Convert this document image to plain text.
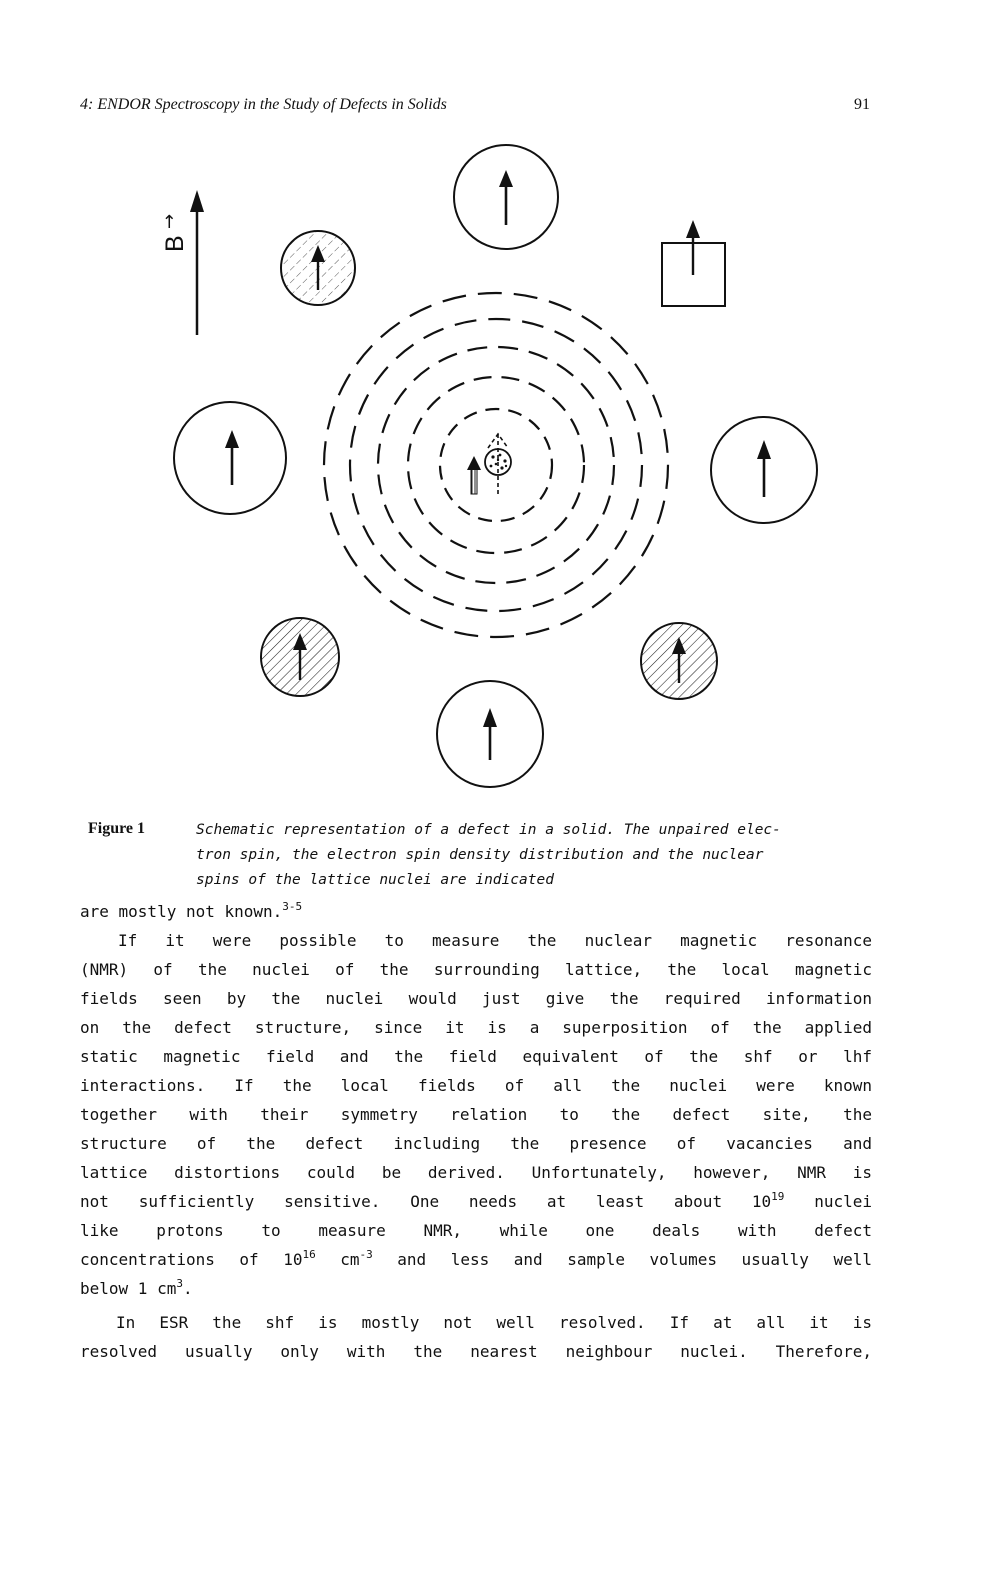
4: ENDOR Spectroscopy in the Study of Defects in Solids	91
B
→
Figure 1	Schematic representation of a defect in a solid. The unpaired elec-
tron spin, the electron spin density distribution and the nuclear
spins of the lattice nuclei are indicated
are mostly not known.$^{3-5}$
If it were possible to measure the nuclear magnetic resonance
(NMR) of the nuclei of the surrounding lattice, the local magnetic
fields seen by the nuclei would just give the required information
on the defect structure, since it is a superposition of the applied
static magnetic field and the field equivalent of the shf or lhf
interactions. If the local fields of all the nuclei were known
together with their symmetry relation to the defect site, the
structure of the defect including the presence of vacancies and
lattice distortions could be derived. Unfortunately, however, NMR is
not sufficiently sensitive. One needs at least about $10^{19}$ nuclei
like protons to measure NMR, while one deals with defect
concentrations of $10^{16}$ $cm^{-3}$ and less and sample volumes usually well
below 1 $cm^3$.
In ESR the shf is mostly not well resolved. If at all it is
resolved usually only with the nearest neighbour nuclei. Therefore,
